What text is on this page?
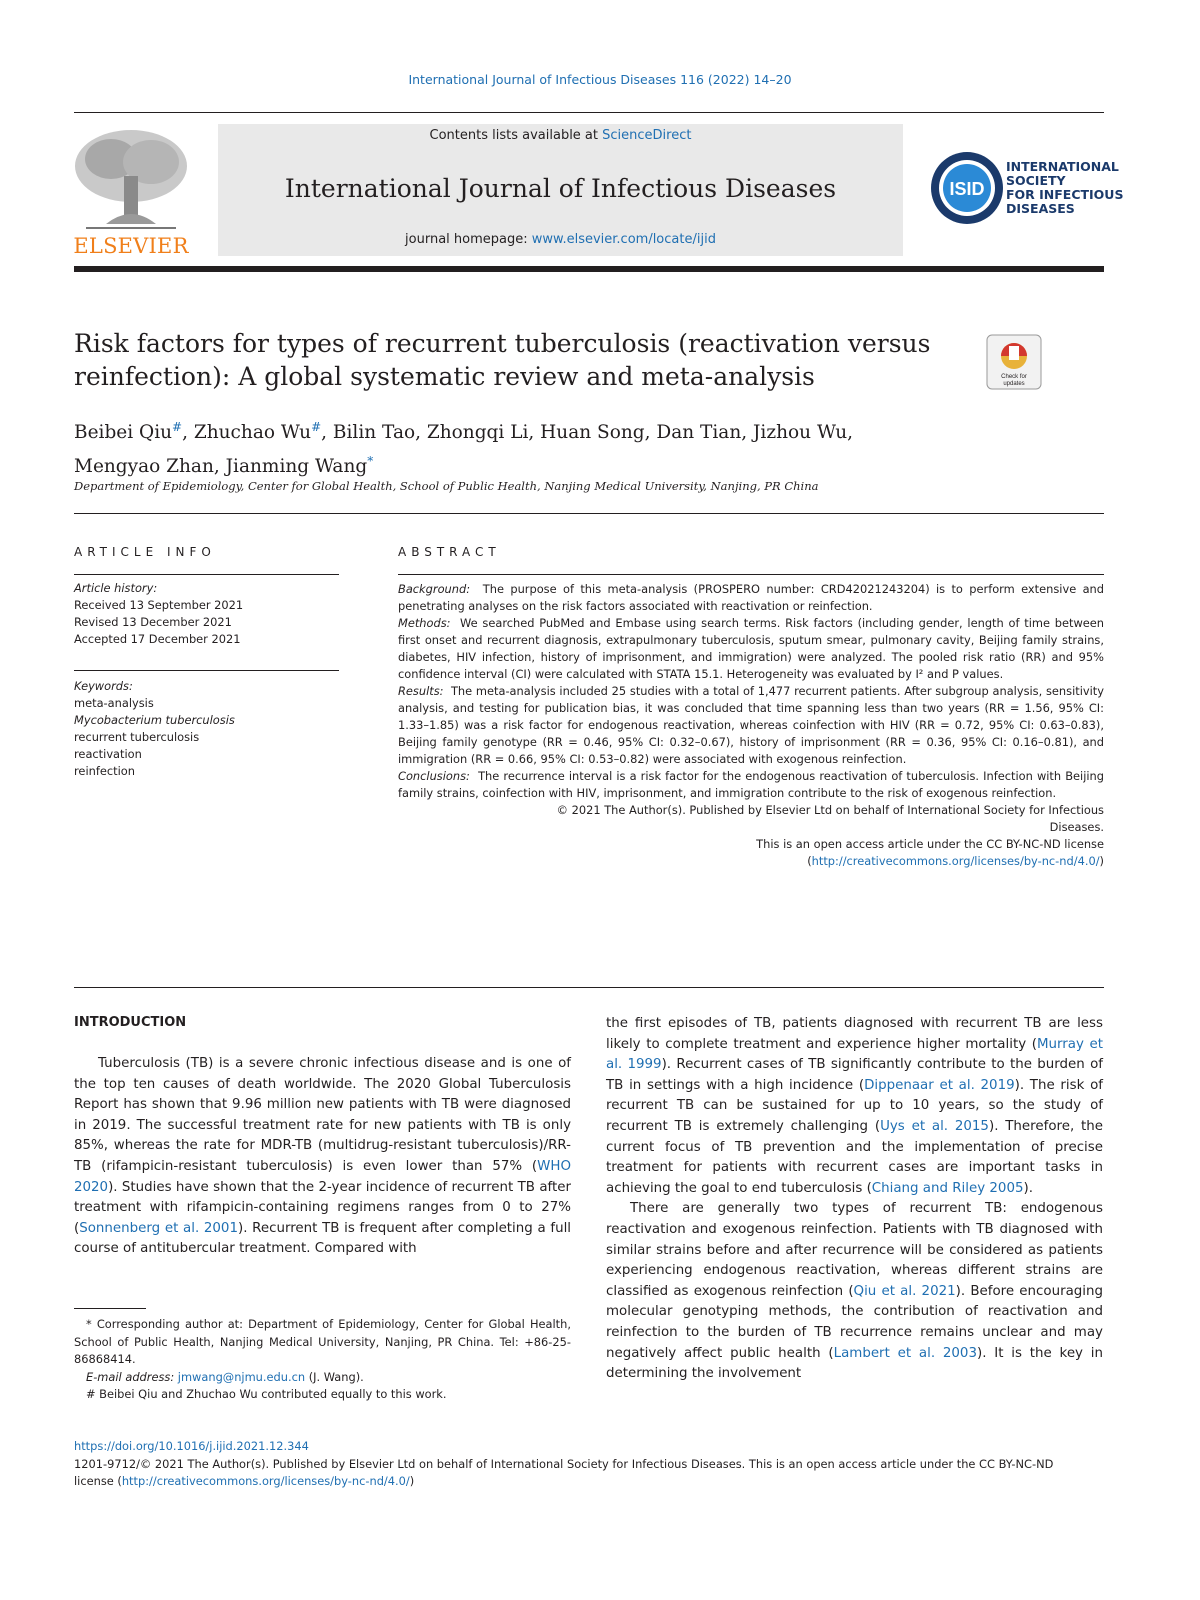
International Journal of Infectious Diseases 116 (2022) 14–20
ELSEVIER
Contents lists available at ScienceDirect
International Journal of Infectious Diseases
journal homepage: www.elsevier.com/locate/ijid
ISID
INTERNATIONAL
SOCIETY
FOR INFECTIOUS
DISEASES
Risk factors for types of recurrent tuberculosis (reactivation versus reinfection): A global systematic review and meta-analysis	Check for
updates
Beibei Qiu#, Zhuchao Wu#, Bilin Tao, Zhongqi Li, Huan Song, Dan Tian, Jizhou Wu,
Mengyao Zhan, Jianming Wang*
Department of Epidemiology, Center for Global Health, School of Public Health, Nanjing Medical University, Nanjing, PR China
ARTICLE INFO
Article history:
Received 13 September 2021
Revised 13 December 2021
Accepted 17 December 2021
Keywords:
meta-analysis
Mycobacterium tuberculosis
recurrent tuberculosis
reactivation
reinfection
ABSTRACT

Background: The purpose of this meta-analysis (PROSPERO number: CRD42021243204) is to perform extensive and penetrating analyses on the risk factors associated with reactivation or reinfection.

Methods: We searched PubMed and Embase using search terms. Risk factors (including gender, length of time between first onset and recurrent diagnosis, extrapulmonary tuberculosis, sputum smear, pulmonary cavity, Beijing family strains, diabetes, HIV infection, history of imprisonment, and immigration) were analyzed. The pooled risk ratio (RR) and 95% confidence interval (CI) were calculated with STATA 15.1. Heterogeneity was evaluated by I² and P values.

Results: The meta-analysis included 25 studies with a total of 1,477 recurrent patients. After subgroup analysis, sensitivity analysis, and testing for publication bias, it was concluded that time spanning less than two years (RR = 1.56, 95% CI: 1.33–1.85) was a risk factor for endogenous reactivation, whereas coinfection with HIV (RR = 0.72, 95% CI: 0.63–0.83), Beijing family genotype (RR = 0.46, 95% CI: 0.32–0.67), history of imprisonment (RR = 0.36, 95% CI: 0.16–0.81), and immigration (RR = 0.66, 95% CI: 0.53–0.82) were associated with exogenous reinfection.

Conclusions: The recurrence interval is a risk factor for the endogenous reactivation of tuberculosis. Infection with Beijing family strains, coinfection with HIV, imprisonment, and immigration contribute to the risk of exogenous reinfection.

© 2021 The Author(s). Published by Elsevier Ltd on behalf of International Society for Infectious

Diseases.

This is an open access article under the CC BY-NC-ND license

(http://creativecommons.org/licenses/by-nc-nd/4.0/)

INTRODUCTION

Tuberculosis (TB) is a severe chronic infectious disease and is one of the top ten causes of death worldwide. The 2020 Global Tuberculosis Report has shown that 9.96 million new patients with TB were diagnosed in 2019. The successful treatment rate for new patients with TB is only 85%, whereas the rate for MDR-TB (multidrug-resistant tuberculosis)/RR-TB (rifampicin-resistant tuberculosis) is even lower than 57% (WHO 2020). Studies have shown that the 2-year incidence of recurrent TB after treatment with rifampicin-containing regimens ranges from 0 to 27% (Sonnenberg et al. 2001). Recurrent TB is frequent after completing a full course of antitubercular treatment. Compared with

the first episodes of TB, patients diagnosed with recurrent TB are less likely to complete treatment and experience higher mortality (Murray et al. 1999). Recurrent cases of TB significantly contribute to the burden of TB in settings with a high incidence (Dippenaar et al. 2019). The risk of recurrent TB can be sustained for up to 10 years, so the study of recurrent TB is extremely challenging (Uys et al. 2015). Therefore, the current focus of TB prevention and the implementation of precise treatment for patients with recurrent cases are important tasks in achieving the goal to end tuberculosis (Chiang and Riley 2005).

There are generally two types of recurrent TB: endogenous reactivation and exogenous reinfection. Patients with TB diagnosed with similar strains before and after recurrence will be considered as patients experiencing endogenous reactivation, whereas different strains are classified as exogenous reinfection (Qiu et al. 2021). Before encouraging molecular genotyping methods, the contribution of reactivation and reinfection to the burden of TB recurrence remains unclear and may negatively affect public health (Lambert et al. 2003). It is the key in determining the involvement

* Corresponding author at: Department of Epidemiology, Center for Global Health, School of Public Health, Nanjing Medical University, Nanjing, PR China. Tel: +86-25-86868414.

E-mail address: jmwang@njmu.edu.cn (J. Wang).

# Beibei Qiu and Zhuchao Wu contributed equally to this work.

https://doi.org/10.1016/j.ijid.2021.12.344
1201-9712/© 2021 The Author(s). Published by Elsevier Ltd on behalf of International Society for Infectious Diseases. This is an open access article under the CC BY-NC-ND
license (http://creativecommons.org/licenses/by-nc-nd/4.0/)
